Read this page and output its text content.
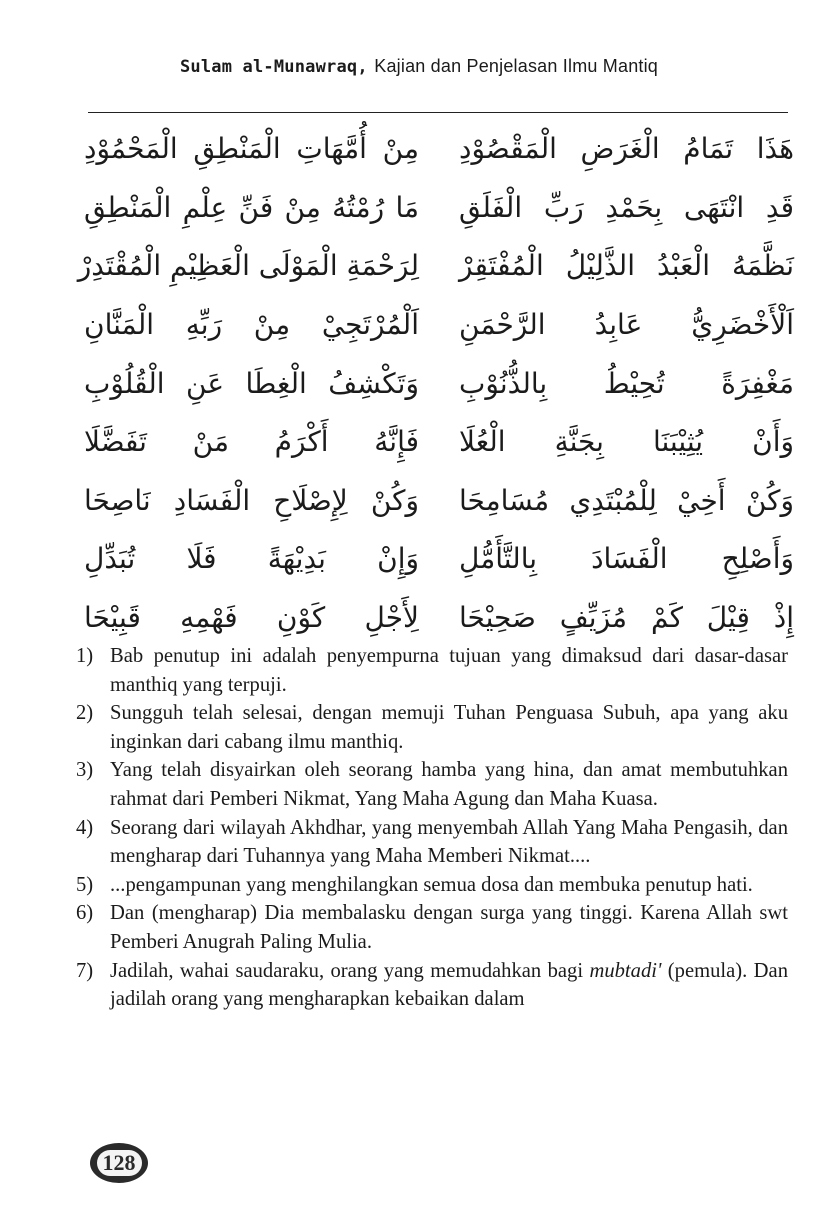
Sulam al-Munawraq, Kajian dan Penjelasan Ilmu Mantiq
مِنْ أُمَّهَاتِ الْمَنْطِقِ الْمَحْمُوْدِ هَذَا تَمَامُ الْغَرَضِ الْمَقْصُوْدِ
مَا رُمْتُهُ مِنْ فَنِّ عِلْمِ الْمَنْطِقِ قَدِ انْتَهَى بِحَمْدِ رَبِّ الْفَلَقِ
لِرَحْمَةِ الْمَوْلَى الْعَظِيْمِ الْمُقْتَدِرْ نَظَّمَهُ الْعَبْدُ الذَّلِيْلُ الْمُفْتَقِرْ
اَلْمُرْتَجِيْ مِنْ رَبِّهِ الْمَنَّانِ اَلْأَخْضَرِيُّ عَابِدُ الرَّحْمَنِ
وَتَكْشِفُ الْغِطَا عَنِ الْقُلُوْبِ مَغْفِرَةً تُحِيْطُ بِالذُّنُوْبِ
فَإِنَّهُ أَكْرَمُ مَنْ تَفَضَّلَا وَأَنْ يُثِيْبَنَا بِجَنَّةِ الْعُلَا
وَكُنْ لِإِصْلَاحِ الْفَسَادِ نَاصِحَا وَكُنْ أَخِيْ لِلْمُبْتَدِي مُسَامِحَا
وَإِنْ بَدِيْهَةً فَلَا تُبَدِّلِ وَأَصْلِحِ الْفَسَادَ بِالتَّأَمُّلِ
لِأَجْلِ كَوْنِ فَهْمِهِ قَبِيْحَا إِذْ قِيْلَ كَمْ مُزَيِّفٍ صَحِيْحَا
1) Bab penutup ini adalah penyempurna tujuan yang dimaksud dari dasar-dasar manthiq yang terpuji.
2) Sungguh telah selesai, dengan memuji Tuhan Penguasa Subuh, apa yang aku inginkan dari cabang ilmu manthiq.
3) Yang telah disyairkan oleh seorang hamba yang hina, dan amat membutuhkan rahmat dari Pemberi Nikmat, Yang Maha Agung dan Maha Kuasa.
4) Seorang dari wilayah Akhdhar, yang menyembah Allah Yang Maha Pengasih, dan mengharap dari Tuhannya yang Maha Memberi Nikmat....
5) ...pengampunan yang menghilangkan semua dosa dan membuka penutup hati.
6) Dan (mengharap) Dia membalasku dengan surga yang tinggi. Karena Allah swt Pemberi Anugrah Paling Mulia.
7) Jadilah, wahai saudaraku, orang yang memudahkan bagi mubtadi' (pemula). Dan jadilah orang yang mengharapkan kebaikan dalam
128
